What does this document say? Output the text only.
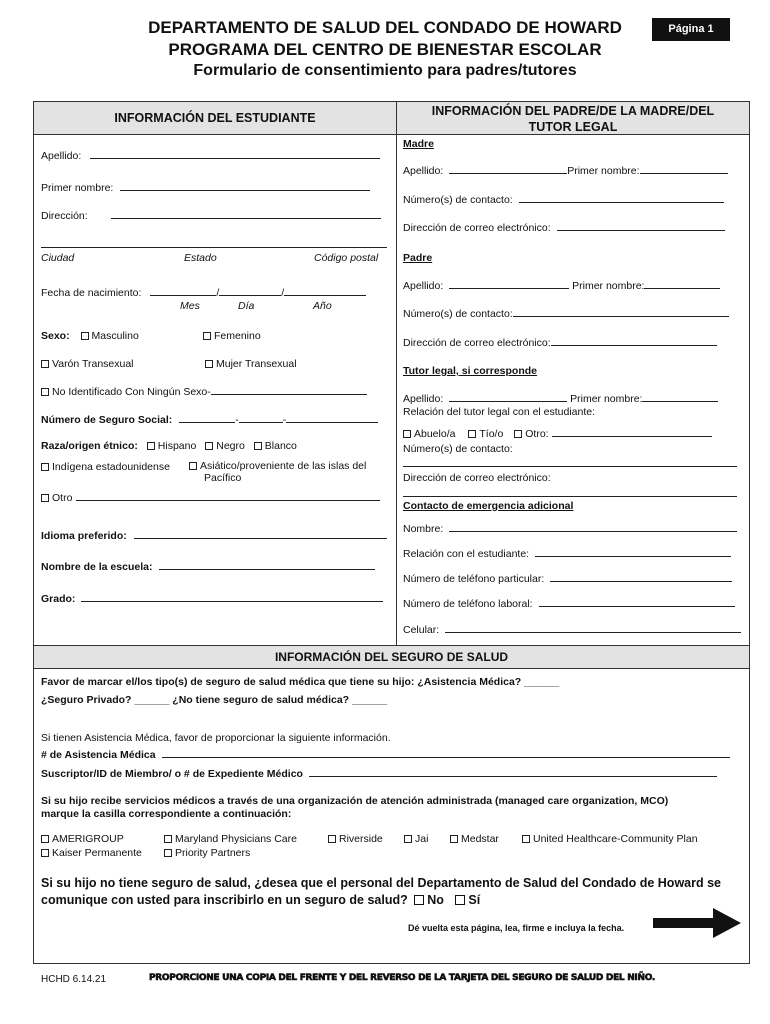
DEPARTAMENTO DE SALUD DEL CONDADO DE HOWARD
PROGRAMA DEL CENTRO DE BIENESTAR ESCOLAR
Formulario de consentimiento para padres/tutores
Página 1
INFORMACIÓN DEL ESTUDIANTE	INFORMACIÓN DEL PADRE/DE LA MADRE/DEL
TUTOR LEGAL
Apellido:
Primer nombre:
Dirección:
Ciudad	Estado	Código postal
Fecha de nacimiento:	/	/
Mes	Día	Año
Sexo: Masculino	Femenino
Varón Transexual	Mujer Transexual
No Identificado Con Ningún Sexo-
Número de Seguro Social:	-	-
Raza/origen étnico: Hispano Negro Blanco
Indígena estadounidense	Asiático/proveniente de las islas del
Pacífico
Otro
Idioma preferido:
Nombre de la escuela:
Grado:
Madre
Apellido:	Primer nombre:
Número(s) de contacto:
Dirección de correo electrónico:
Padre
Apellido:	Primer nombre:
Número(s) de contacto:
Dirección de correo electrónico:
Tutor legal, si corresponde
Apellido:	Primer nombre:
Relación del tutor legal con el estudiante:
Abuelo/a Tío/o Otro:
Número(s) de contacto:
Dirección de correo electrónico:
Contacto de emergencia adicional
Nombre:
Relación con el estudiante:
Número de teléfono particular:
Número de teléfono laboral:
Celular:
INFORMACIÓN DEL SEGURO DE SALUD
Favor de marcar el/los tipo(s) de seguro de salud médica que tiene su hijo: ¿Asistencia Médica? ______
¿Seguro Privado? ______ ¿No tiene seguro de salud médica? ______
Si tienen Asistencia Médica, favor de proporcionar la siguiente información.
# de Asistencia Médica
Suscriptor/ID de Miembro/ o # de Expediente Médico
Si su hijo recibe servicios médicos a través de una organización de atención administrada (managed care organization, MCO)
marque la casilla correspondiente a continuación:
AMERIGROUP	Maryland Physicians Care	Riverside	Jai	Medstar	United Healthcare-Community Plan
Kaiser Permanente	Priority Partners
Si su hijo no tiene seguro de salud, ¿desea que el personal del Departamento de Salud del Condado de Howard se
comunique con usted para inscribirlo en un seguro de salud? No Sí
Dé vuelta esta página, lea, firme e incluya la fecha.
HCHD 6.14.21	PROPORCIONE UNA COPIA DEL FRENTE Y DEL REVERSO DE LA TARJETA DEL SEGURO DE SALUD DEL NIÑO.
